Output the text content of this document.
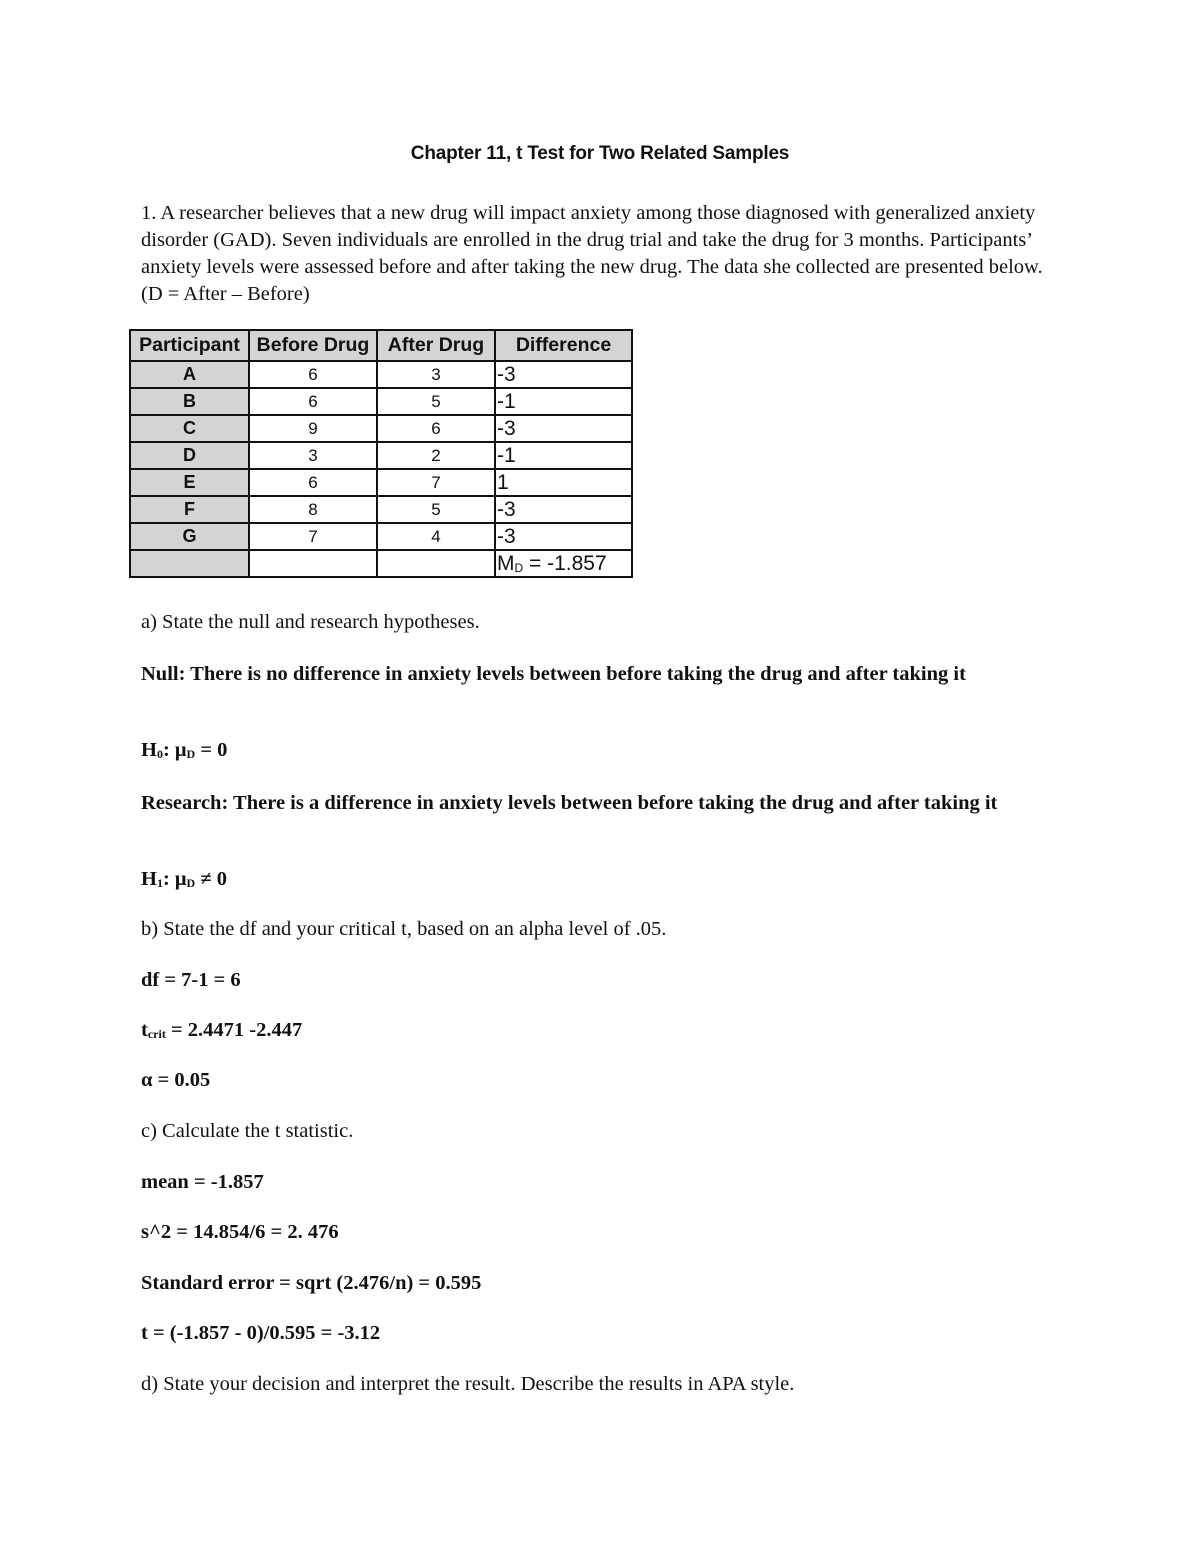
Chapter 11, t Test for Two Related Samples
1. A researcher believes that a new drug will impact anxiety among those diagnosed with generalized anxiety disorder (GAD). Seven individuals are enrolled in the drug trial and take the drug for 3 months. Participants’ anxiety levels were assessed before and after taking the new drug. The data she collected are presented below. (D = After – Before)
Participant	Before Drug	After Drug	Difference
A	6	3	-3
B	6	5	-1
C	9	6	-3
D	3	2	-1
E	6	7	1
F	8	5	-3
G	7	4	-3
			$M_D = -1.857$
a) State the null and research hypotheses.
Null: There is no difference in anxiety levels between before taking the drug and after taking it
$H_0$: $\mu_D = 0$
Research: There is a difference in anxiety levels between before taking the drug and after taking it
$H_1$: $\mu_D \ne 0$
b) State the df and your critical t, based on an alpha level of .05.
df = 7-1 = 6
$t_{crit} = 2.4471$ -2.447
α = 0.05
c) Calculate the t statistic.
mean = -1.857
s^2 = 14.854/6 = 2. 476
Standard error = sqrt (2.476/n) = 0.595
t = (-1.857 - 0)/0.595 = -3.12
d) State your decision and interpret the result. Describe the results in APA style.
